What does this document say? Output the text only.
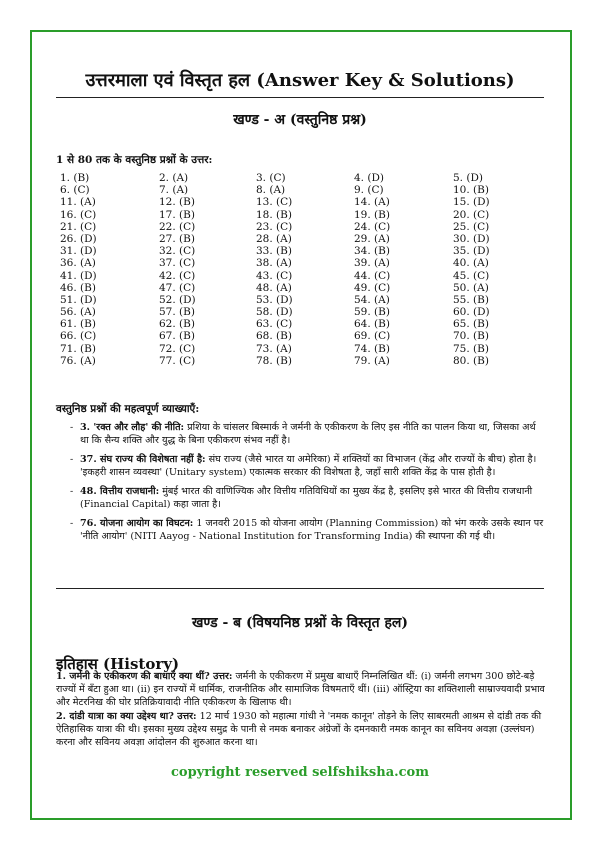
उत्तरमाला एवं विस्तृत हल (Answer Key & Solutions)
खण्ड - अ (वस्तुनिष्ठ प्रश्न)
1 से 80 तक के वस्तुनिष्ठ प्रश्नों के उत्तर:
1. (B)	2. (A)	3. (C)	4. (D)	5. (D)
6. (C)	7. (A)	8. (A)	9. (C)	10. (B)
11. (A)	12. (B)	13. (C)	14. (A)	15. (D)
16. (C)	17. (B)	18. (B)	19. (B)	20. (C)
21. (C)	22. (C)	23. (C)	24. (C)	25. (C)
26. (D)	27. (B)	28. (A)	29. (A)	30. (D)
31. (D)	32. (C)	33. (B)	34. (B)	35. (D)
36. (A)	37. (C)	38. (A)	39. (A)	40. (A)
41. (D)	42. (C)	43. (C)	44. (C)	45. (C)
46. (B)	47. (C)	48. (A)	49. (C)	50. (A)
51. (D)	52. (D)	53. (D)	54. (A)	55. (B)
56. (A)	57. (B)	58. (D)	59. (B)	60. (D)
61. (B)	62. (B)	63. (C)	64. (B)	65. (B)
66. (C)	67. (B)	68. (B)	69. (C)	70. (B)
71. (B)	72. (C)	73. (A)	74. (B)	75. (B)
76. (A)	77. (C)	78. (B)	79. (A)	80. (B)
वस्तुनिष्ठ प्रश्नों की महत्वपूर्ण व्याख्याएँ:
- 3. 'रक्त और लौह' की नीति: प्रशिया के चांसलर बिस्मार्क ने जर्मनी के एकीकरण के लिए इस नीति का पालन किया था, जिसका अर्थ था कि सैन्य शक्ति और युद्ध के बिना एकीकरण संभव नहीं है।
- 37. संघ राज्य की विशेषता नहीं है: संघ राज्य (जैसे भारत या अमेरिका) में शक्तियों का विभाजन (केंद्र और राज्यों के बीच) होता है। 'इकहरी शासन व्यवस्था' (Unitary system) एकात्मक सरकार की विशेषता है, जहाँ सारी शक्ति केंद्र के पास होती है।
- 48. वित्तीय राजधानी: मुंबई भारत की वाणिज्यिक और वित्तीय गतिविधियों का मुख्य केंद्र है, इसलिए इसे भारत की वित्तीय राजधानी (Financial Capital) कहा जाता है।
- 76. योजना आयोग का विघटन: 1 जनवरी 2015 को योजना आयोग (Planning Commission) को भंग करके उसके स्थान पर 'नीति आयोग' (NITI Aayog - National Institution for Transforming India) की स्थापना की गई थी।
खण्ड - ब (विषयनिष्ठ प्रश्नों के विस्तृत हल)
इतिहास (History)
1. जर्मनी के एकीकरण की बाधाएँ क्या थीं? उत्तर: जर्मनी के एकीकरण में प्रमुख बाधाएँ निम्नलिखित थीं: (i) जर्मनी लगभग 300 छोटे-बड़े राज्यों में बँटा हुआ था। (ii) इन राज्यों में धार्मिक, राजनीतिक और सामाजिक विषमताएँ थीं। (iii) ऑस्ट्रिया का शक्तिशाली साम्राज्यवादी प्रभाव और मेटरनिख की घोर प्रतिक्रियावादी नीति एकीकरण के खिलाफ थी।
2. दांडी यात्रा का क्या उद्देश्य था? उत्तर: 12 मार्च 1930 को महात्मा गांधी ने 'नमक कानून' तोड़ने के लिए साबरमती आश्रम से दांडी तक की ऐतिहासिक यात्रा की थी। इसका मुख्य उद्देश्य समुद्र के पानी से नमक बनाकर अंग्रेजों के दमनकारी नमक कानून का सविनय अवज्ञा (उल्लंघन) करना और सविनय अवज्ञा आंदोलन की शुरुआत करना था।
copyright reserved selfshiksha.com
